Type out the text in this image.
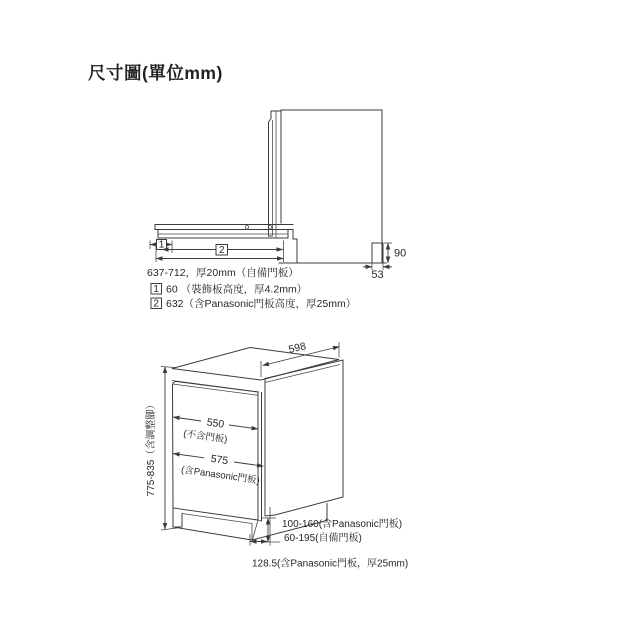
尺寸圖(單位mm)
1	2	90
53
637-712，厚20mm（自備門板）
1 60 （裝飾板高度，厚4.2mm）
2 632（含Panasonic門板高度，厚25mm）
775-835（含調整腳）
598
550
(不含門板)
575
(含Panasonic門板)
100-160(含Panasonic門板)
60-195(自備門板)
128.5(含Panasonic門板，厚25mm)
